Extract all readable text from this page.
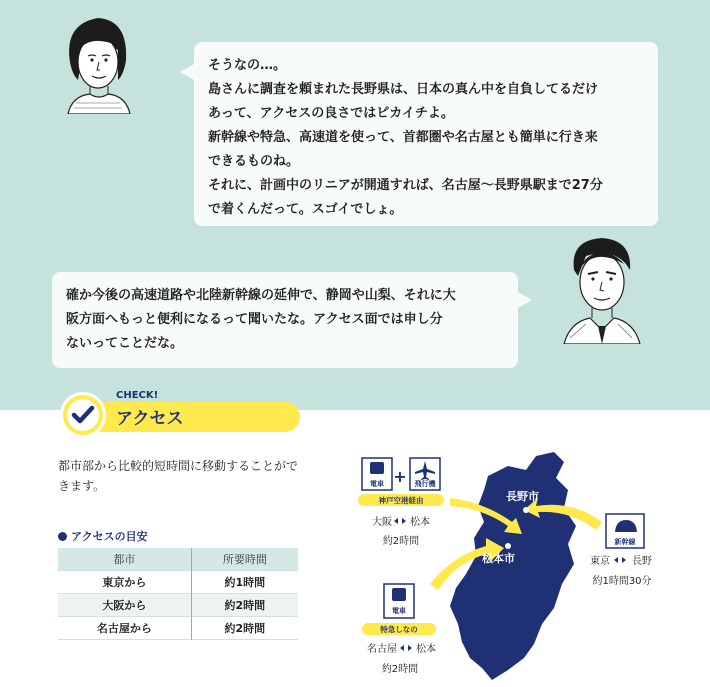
そうなの…。
島さんに調査を頼まれた長野県は、日本の真ん中を自負してるだけ
あって、アクセスの良さではピカイチよ。
新幹線や特急、高速道を使って、首都圏や名古屋とも簡単に行き来
できるものね。
それに、計画中のリニアが開通すれば、名古屋〜長野県駅まで27分
で着くんだって。スゴイでしょ。
確か今後の高速道路や北陸新幹線の延伸で、静岡や山梨、それに大
阪方面へもっと便利になるって聞いたな。アクセス面では申し分
ないってことだな。
CHECK!
アクセス
都市部から比較的短時間に移動することができます。
アクセスの目安
都市	所要時間
東京から	約1時間
大阪から	約2時間
名古屋から	約2時間
長野市
松本市
電車 + 飛行機
神戸空港経由
大阪 松本
約2時間	新幹線
東京 長野
約1時間30分
電車
特急しなの
名古屋 松本
約2時間
